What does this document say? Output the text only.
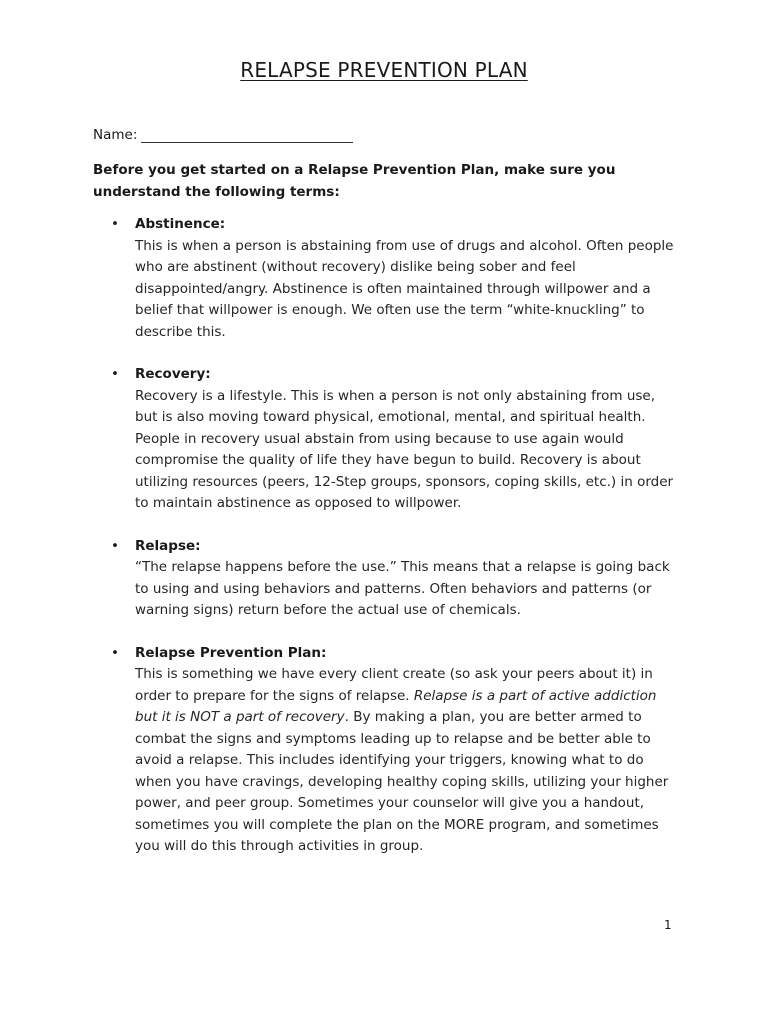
RELAPSE PREVENTION PLAN
Name:
Before you get started on a Relapse Prevention Plan, make sure you understand the following terms:
• Abstinence:
This is when a person is abstaining from use of drugs and alcohol. Often people who are abstinent (without recovery) dislike being sober and feel disappointed/angry. Abstinence is often maintained through willpower and a belief that willpower is enough. We often use the term “white-knuckling” to describe this.
• Recovery:
Recovery is a lifestyle. This is when a person is not only abstaining from use, but is also moving toward physical, emotional, mental, and spiritual health. People in recovery usual abstain from using because to use again would compromise the quality of life they have begun to build. Recovery is about utilizing resources (peers, 12-Step groups, sponsors, coping skills, etc.) in order to maintain abstinence as opposed to willpower.
• Relapse:
“The relapse happens before the use.” This means that a relapse is going back to using and using behaviors and patterns. Often behaviors and patterns (or warning signs) return before the actual use of chemicals.
• Relapse Prevention Plan:
This is something we have every client create (so ask your peers about it) in order to prepare for the signs of relapse. Relapse is a part of active addiction but it is NOT a part of recovery. By making a plan, you are better armed to combat the signs and symptoms leading up to relapse and be better able to avoid a relapse. This includes identifying your triggers, knowing what to do when you have cravings, developing healthy coping skills, utilizing your higher power, and peer group. Sometimes your counselor will give you a handout, sometimes you will complete the plan on the MORE program, and sometimes you will do this through activities in group.
1
